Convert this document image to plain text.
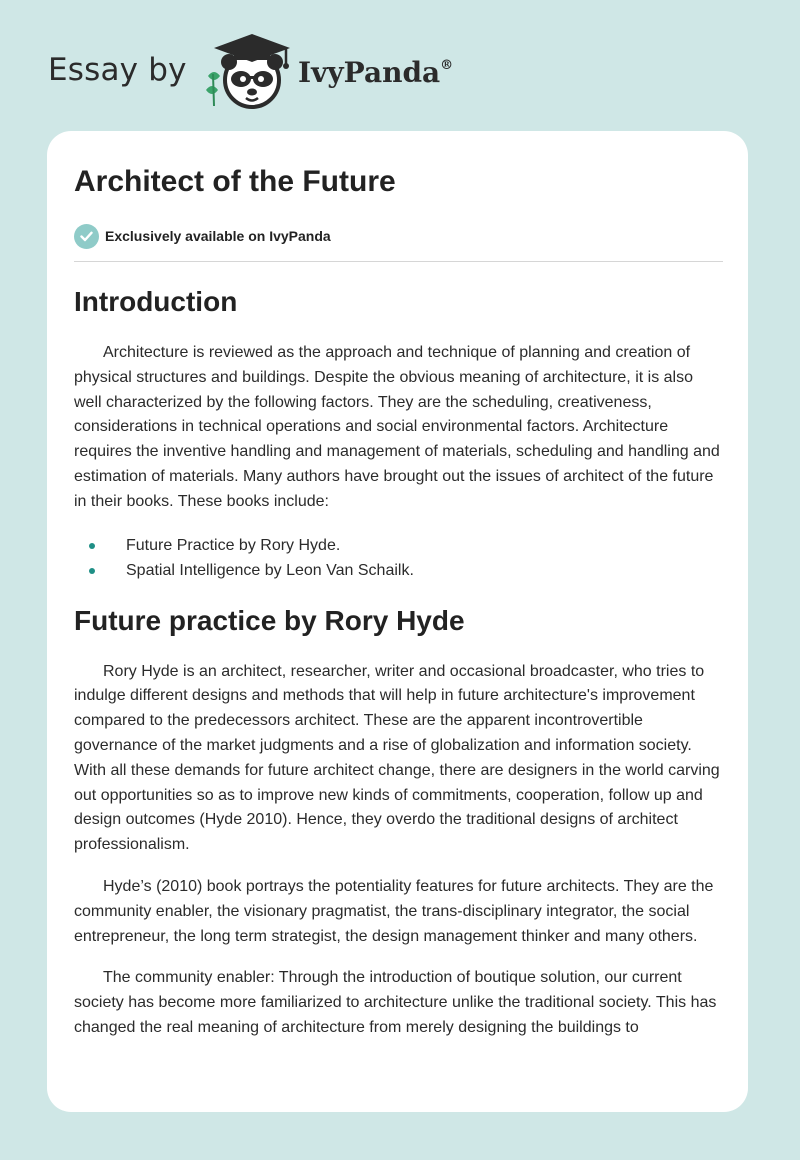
Essay by	IvyPanda®
Architect of the Future
Exclusively available on IvyPanda
Introduction

Architecture is reviewed as the approach and technique of planning and creation of physical structures and buildings. Despite the obvious meaning of architecture, it is also well characterized by the following factors. They are the scheduling, creativeness, considerations in technical operations and social environmental factors. Architecture requires the inventive handling and management of materials, scheduling and handling and estimation of materials. Many authors have brought out the issues of architect of the future in their books. These books include:

Future Practice by Rory Hyde.
Spatial Intelligence by Leon Van Schailk.
Future practice by Rory Hyde

Rory Hyde is an architect, researcher, writer and occasional broadcaster, who tries to indulge different designs and methods that will help in future architecture's improvement compared to the predecessors architect. These are the apparent incontrovertible governance of the market judgments and a rise of globalization and information society. With all these demands for future architect change, there are designers in the world carving out opportunities so as to improve new kinds of commitments, cooperation, follow up and design outcomes (Hyde 2010). Hence, they overdo the traditional designs of architect professionalism.

Hyde’s (2010) book portrays the potentiality features for future architects. They are the community enabler, the visionary pragmatist, the trans-disciplinary integrator, the social entrepreneur, the long term strategist, the design management thinker and many others.

The community enabler: Through the introduction of boutique solution, our current society has become more familiarized to architecture unlike the traditional society. This has changed the real meaning of architecture from merely designing the buildings to
